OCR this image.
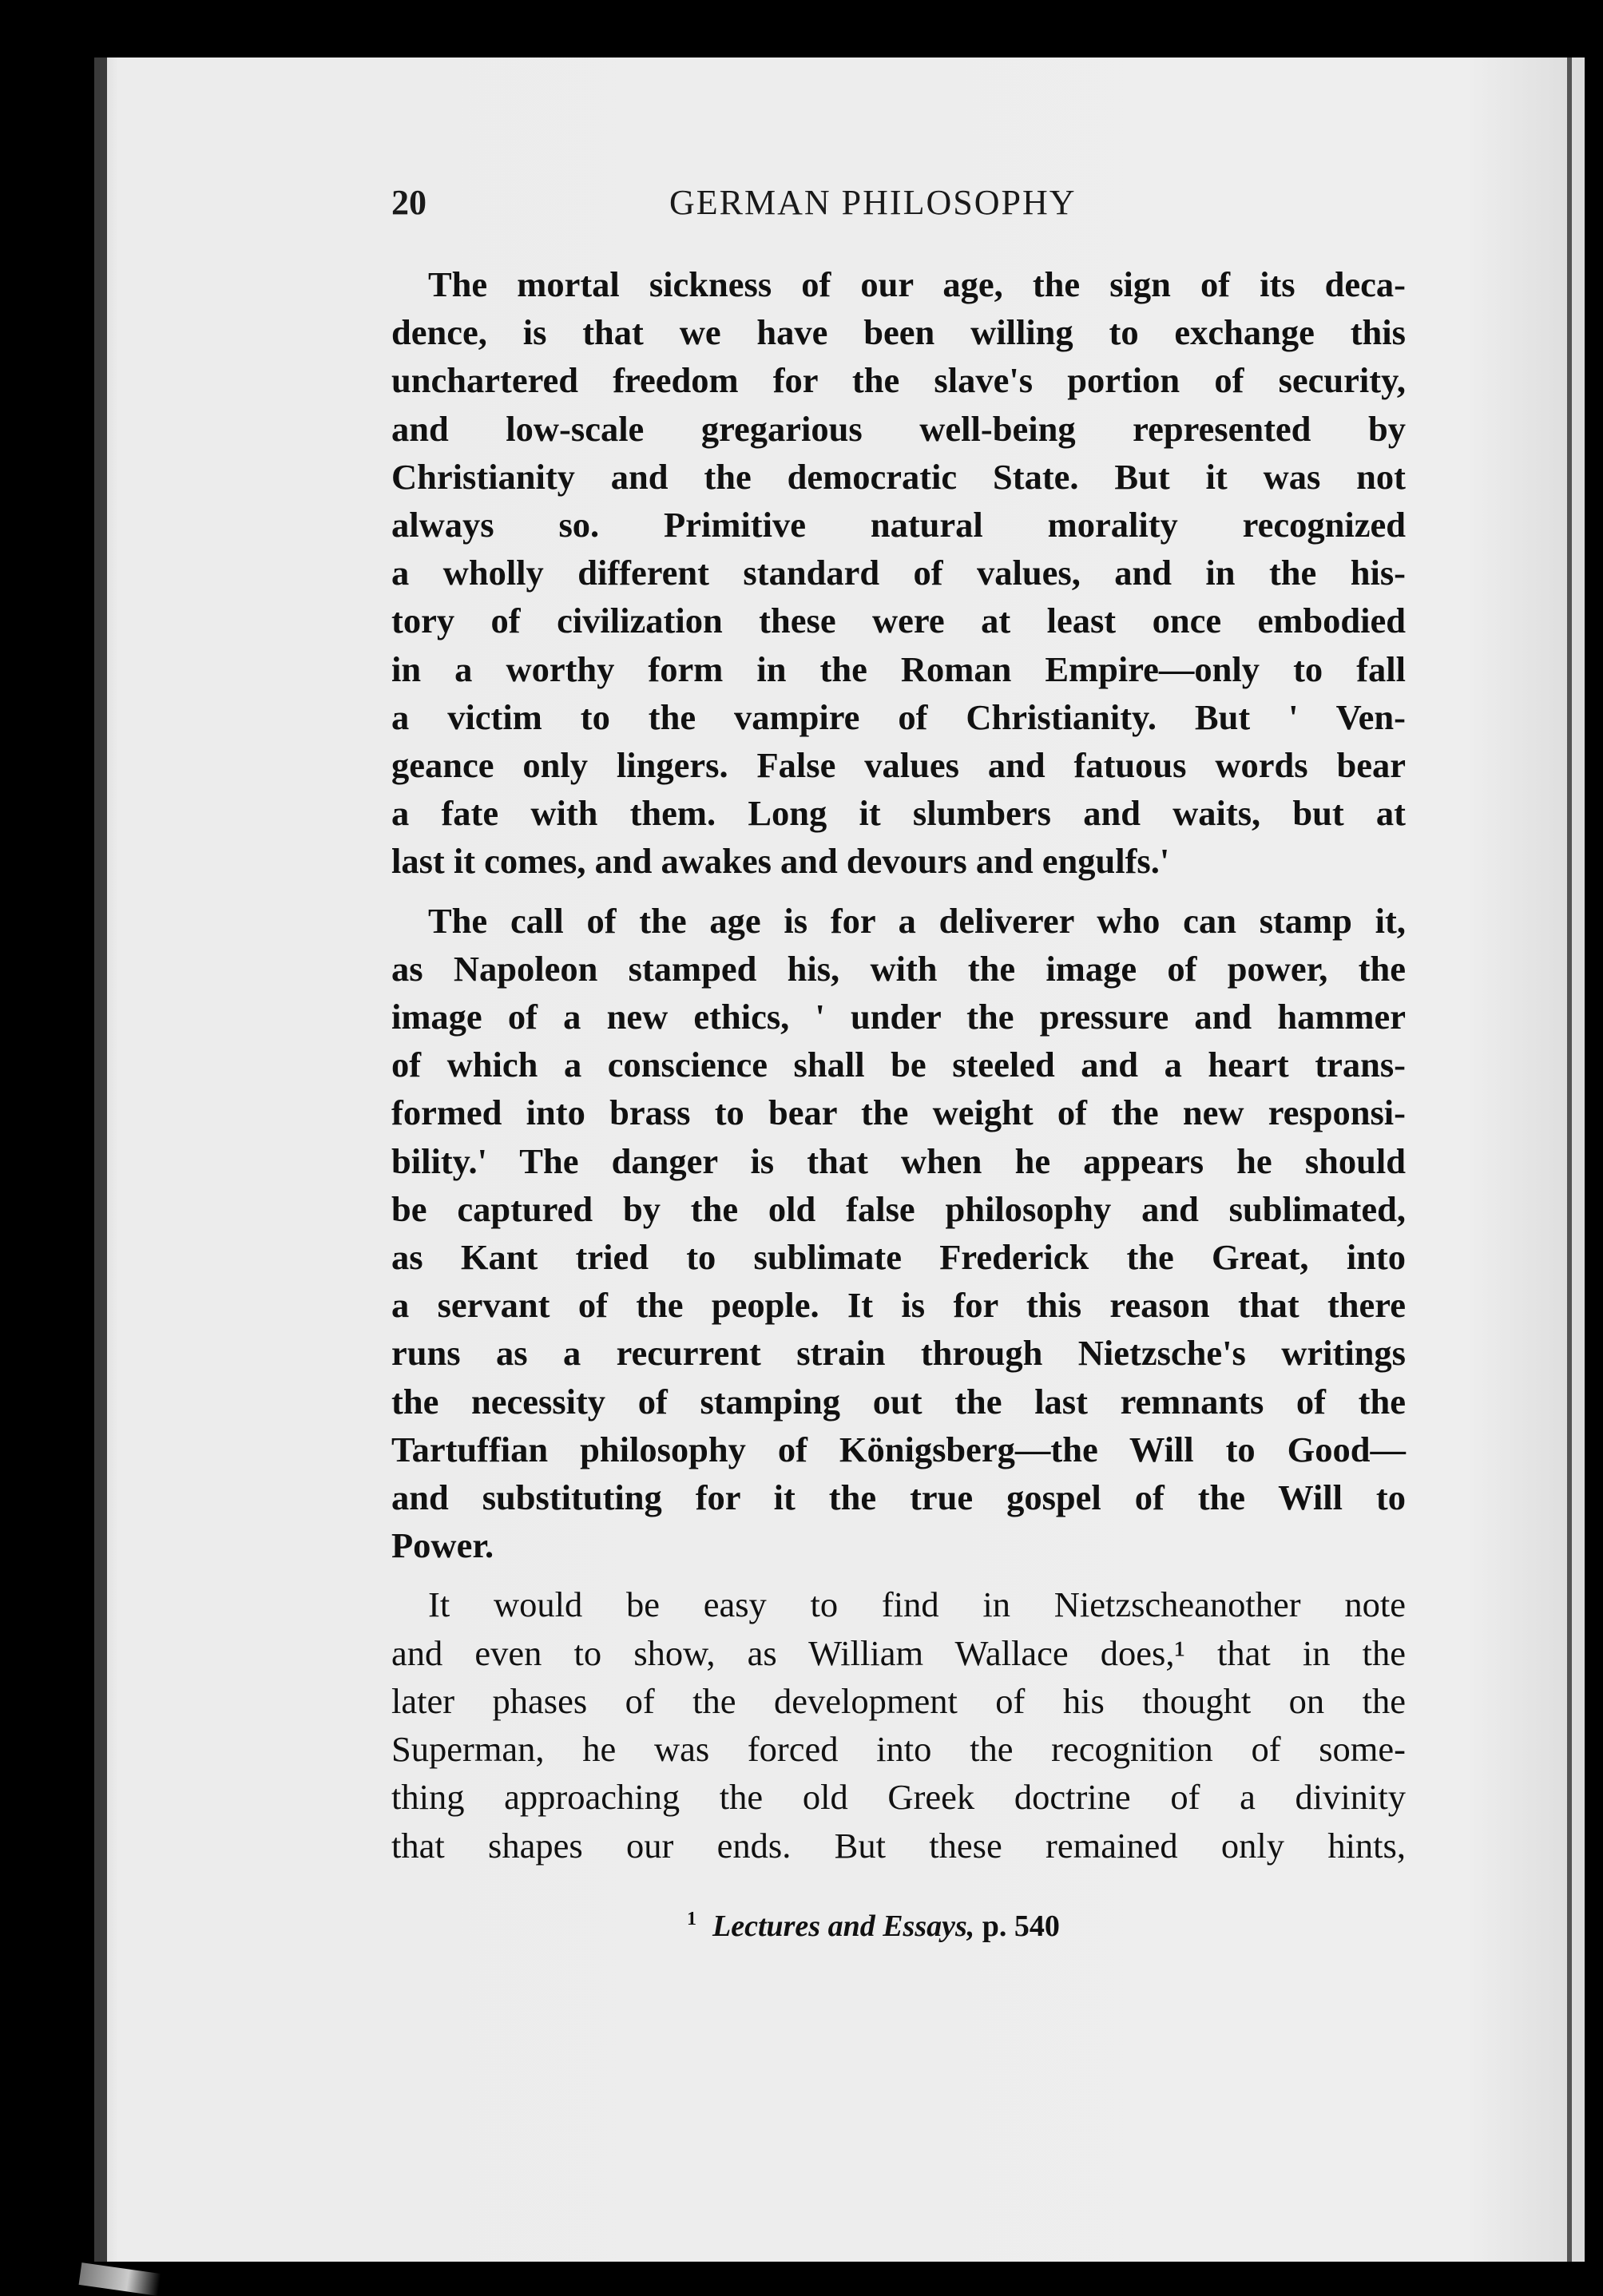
20	GERMAN PHILOSOPHY
The mortal sickness of our age, the sign of its deca-
dence, is that we have been willing to exchange this
unchartered freedom for the slave's portion of security,
and low-scale gregarious well-being represented by
Christianity and the democratic State. But it was not
always so. Primitive natural morality recognized
a wholly different standard of values, and in the his-
tory of civilization these were at least once embodied
in a worthy form in the Roman Empire—only to fall
a victim to the vampire of Christianity. But ' Ven-
geance only lingers. False values and fatuous words bear
a fate with them. Long it slumbers and waits, but at
last it comes, and awakes and devours and engulfs.'
The call of the age is for a deliverer who can stamp it,
as Napoleon stamped his, with the image of power, the
image of a new ethics, ' under the pressure and hammer
of which a conscience shall be steeled and a heart trans-
formed into brass to bear the weight of the new responsi-
bility.' The danger is that when he appears he should
be captured by the old false philosophy and sublimated,
as Kant tried to sublimate Frederick the Great, into
a servant of the people. It is for this reason that there
runs as a recurrent strain through Nietzsche's writings
the necessity of stamping out the last remnants of the
Tartuffian philosophy of Königsberg—the Will to Good—
and substituting for it the true gospel of the Will to
Power.
It would be easy to find in Nietzscheanother note
and even to show, as William Wallace does,¹ that in the
later phases of the development of his thought on the
Superman, he was forced into the recognition of some-
thing approaching the old Greek doctrine of a divinity
that shapes our ends. But these remained only hints,
$^1$ Lectures and Essays, p. 540
